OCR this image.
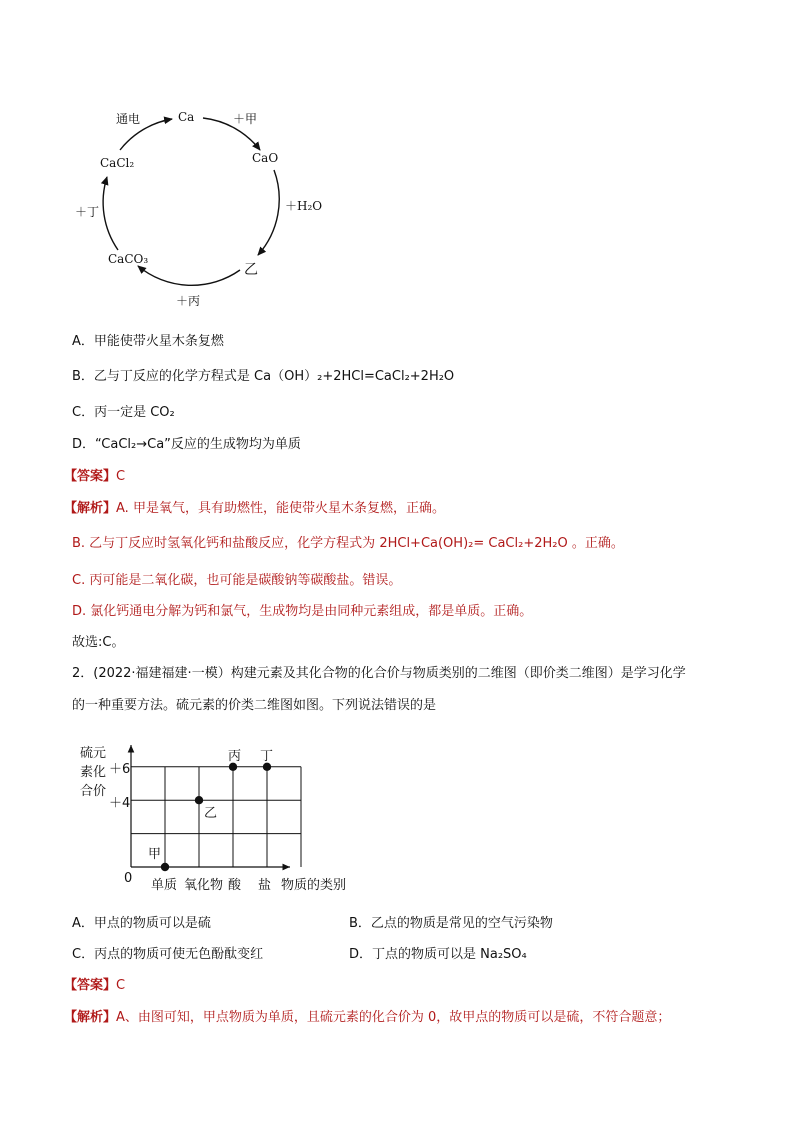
通电	Ca	＋甲
CaO
＋H₂O
乙
＋丙
CaCO₃
＋丁
CaCl₂
A．甲能使带火星木条复燃
B．乙与丁反应的化学方程式是 Ca（OH）₂+2HCl=CaCl₂+2H₂O
C．丙一定是 CO₂
D．“CaCl₂→Ca”反应的生成物均为单质
【答案】C
【解析】A. 甲是氧气，具有助燃性，能使带火星木条复燃，正确。
B. 乙与丁反应时氢氧化钙和盐酸反应，化学方程式为 2HCl+Ca(OH)₂= CaCl₂+2H₂O 。正确。
C. 丙可能是二氧化碳，也可能是碳酸钠等碳酸盐。错误。
D. 氯化钙通电分解为钙和氯气，生成物均是由同种元素组成，都是单质。正确。
故选:C。
2．(2022·福建福建·一模）构建元素及其化合物的化合价与物质类别的二维图（即价类二维图）是学习化学
的一种重要方法。硫元素的价类二维图如图。下列说法错误的是
硫元
素化
合价
＋6
＋4
0 单质 氧化物 酸 盐 物质的类别
甲
乙
丙 丁
A．甲点的物质可以是硫	B．乙点的物质是常见的空气污染物
C．丙点的物质可使无色酚酞变红	D．丁点的物质可以是 Na₂SO₄
【答案】C
【解析】A、由图可知，甲点物质为单质，且硫元素的化合价为 0，故甲点的物质可以是硫，不符合题意；
